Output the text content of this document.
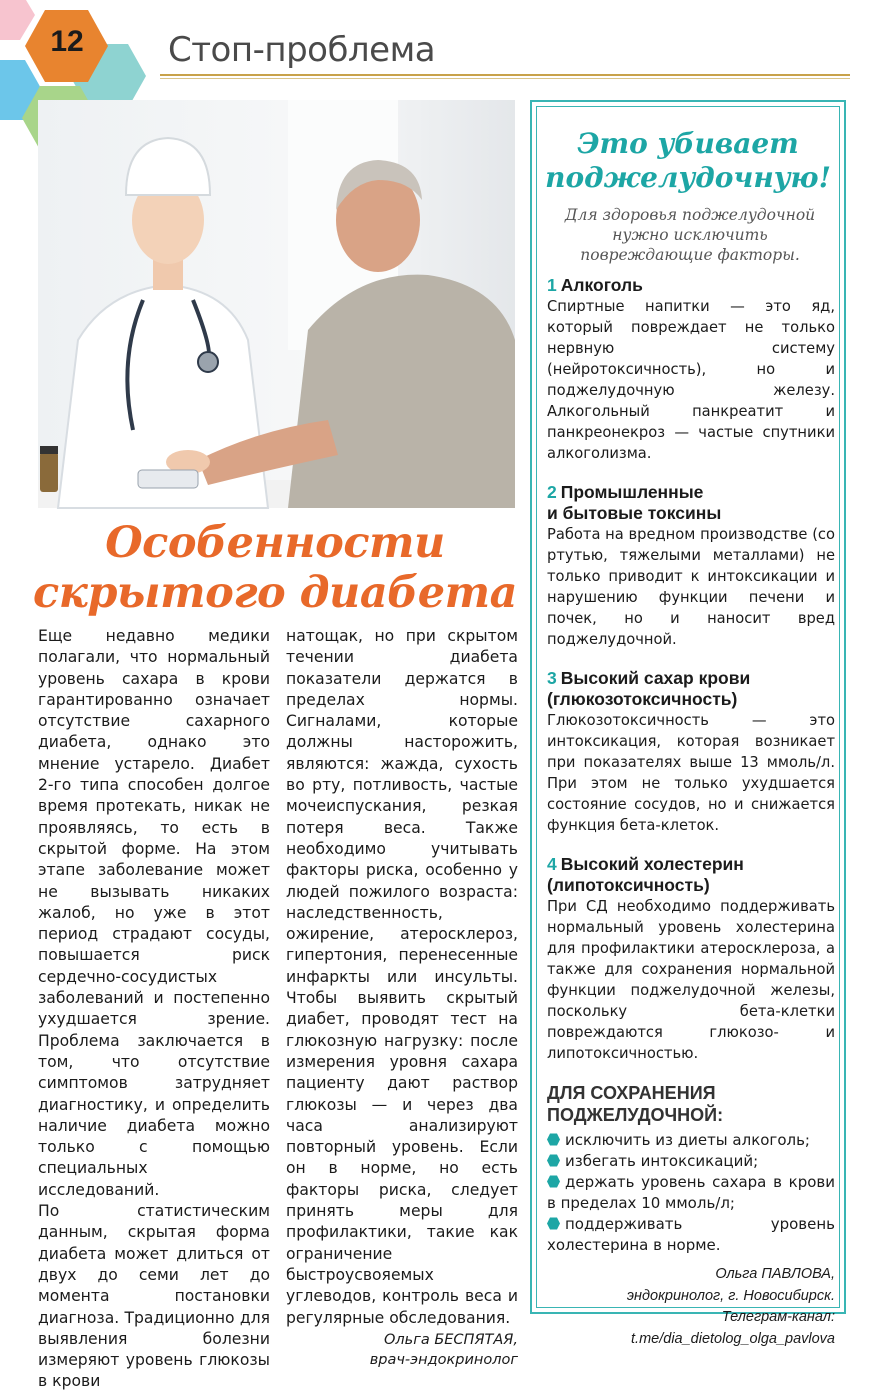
12	Стоп-проблема
Особенности
скрытого диабета

Еще недавно медики полагали, что нормальный уровень сахара в крови гарантированно означает отсутствие сахарного диабета, однако это мнение устарело. Диабет 2-го типа способен долгое время протекать, никак не проявляясь, то есть в скрытой форме. На этом этапе заболевание может не вызывать никаких жалоб, но уже в этот период страдают сосуды, повышается риск сердечно-сосудистых заболеваний и постепенно ухудшается зрение. Проблема заключается в том, что отсутствие симптомов затрудняет диагностику, и определить наличие диабета можно только с помощью специальных исследований.

По статистическим данным, скрытая форма диабета может длиться от двух до семи лет до момента постановки диагноза. Традиционно для выявления болезни измеряют уровень глюкозы в крови

натощак, но при скрытом течении диабета показатели держатся в пределах нормы. Сигналами, которые должны насторожить, являются: жажда, сухость во рту, потливость, частые мочеиспускания, резкая потеря веса. Также необходимо учитывать факторы риска, особенно у людей пожилого возраста: наследственность, ожирение, атеросклероз, гипертония, перенесенные инфаркты или инсульты. Чтобы выявить скрытый диабет, проводят тест на глюкозную нагрузку: после измерения уровня сахара пациенту дают раствор глюкозы — и через два часа анализируют повторный уровень. Если он в норме, но есть факторы риска, следует принять меры для профилактики, такие как ограничение быстроусвояемых углеводов, контроль веса и регулярные обследования.

Ольга БЕСПЯТАЯ,
врач-эндокринолог
Это убивает
поджелудочную!
Для здоровья поджелудочной нужно исключить повреждающие факторы.
1 Алкоголь
Спиртные напитки — это яд, который повреждает не только нервную систему (нейротоксичность), но и поджелудочную железу. Алкогольный панкреатит и панкреонекроз — частые спутники алкоголизма.
2 Промышленные
и бытовые токсины
Работа на вредном производстве (со ртутью, тяжелыми металлами) не только приводит к интоксикации и нарушению функции печени и почек, но и наносит вред поджелудочной.
3 Высокий сахар крови
(глюкозотоксичность)
Глюкозотоксичность — это интоксикация, которая возникает при показателях выше 13 ммоль/л. При этом не только ухудшается состояние сосудов, но и снижается функция бета-клеток.
4 Высокий холестерин
(липотоксичность)
При СД необходимо поддерживать нормальный уровень холестерина для профилактики атеросклероза, а также для сохранения нормальной функции поджелудочной железы, поскольку бета-клетки повреждаются глюкозо- и липотоксичностью.
ДЛЯ СОХРАНЕНИЯ
ПОДЖЕЛУДОЧНОЙ:
исключить из диеты алкоголь;
избегать интоксикаций;
держать уровень сахара в крови в пределах 10 ммоль/л;
поддерживать уровень холестерина в норме.
Ольга ПАВЛОВА,
эндокринолог, г. Новосибирск.
Телеграм-канал:
t.me/dia_dietolog_olga_pavlova
